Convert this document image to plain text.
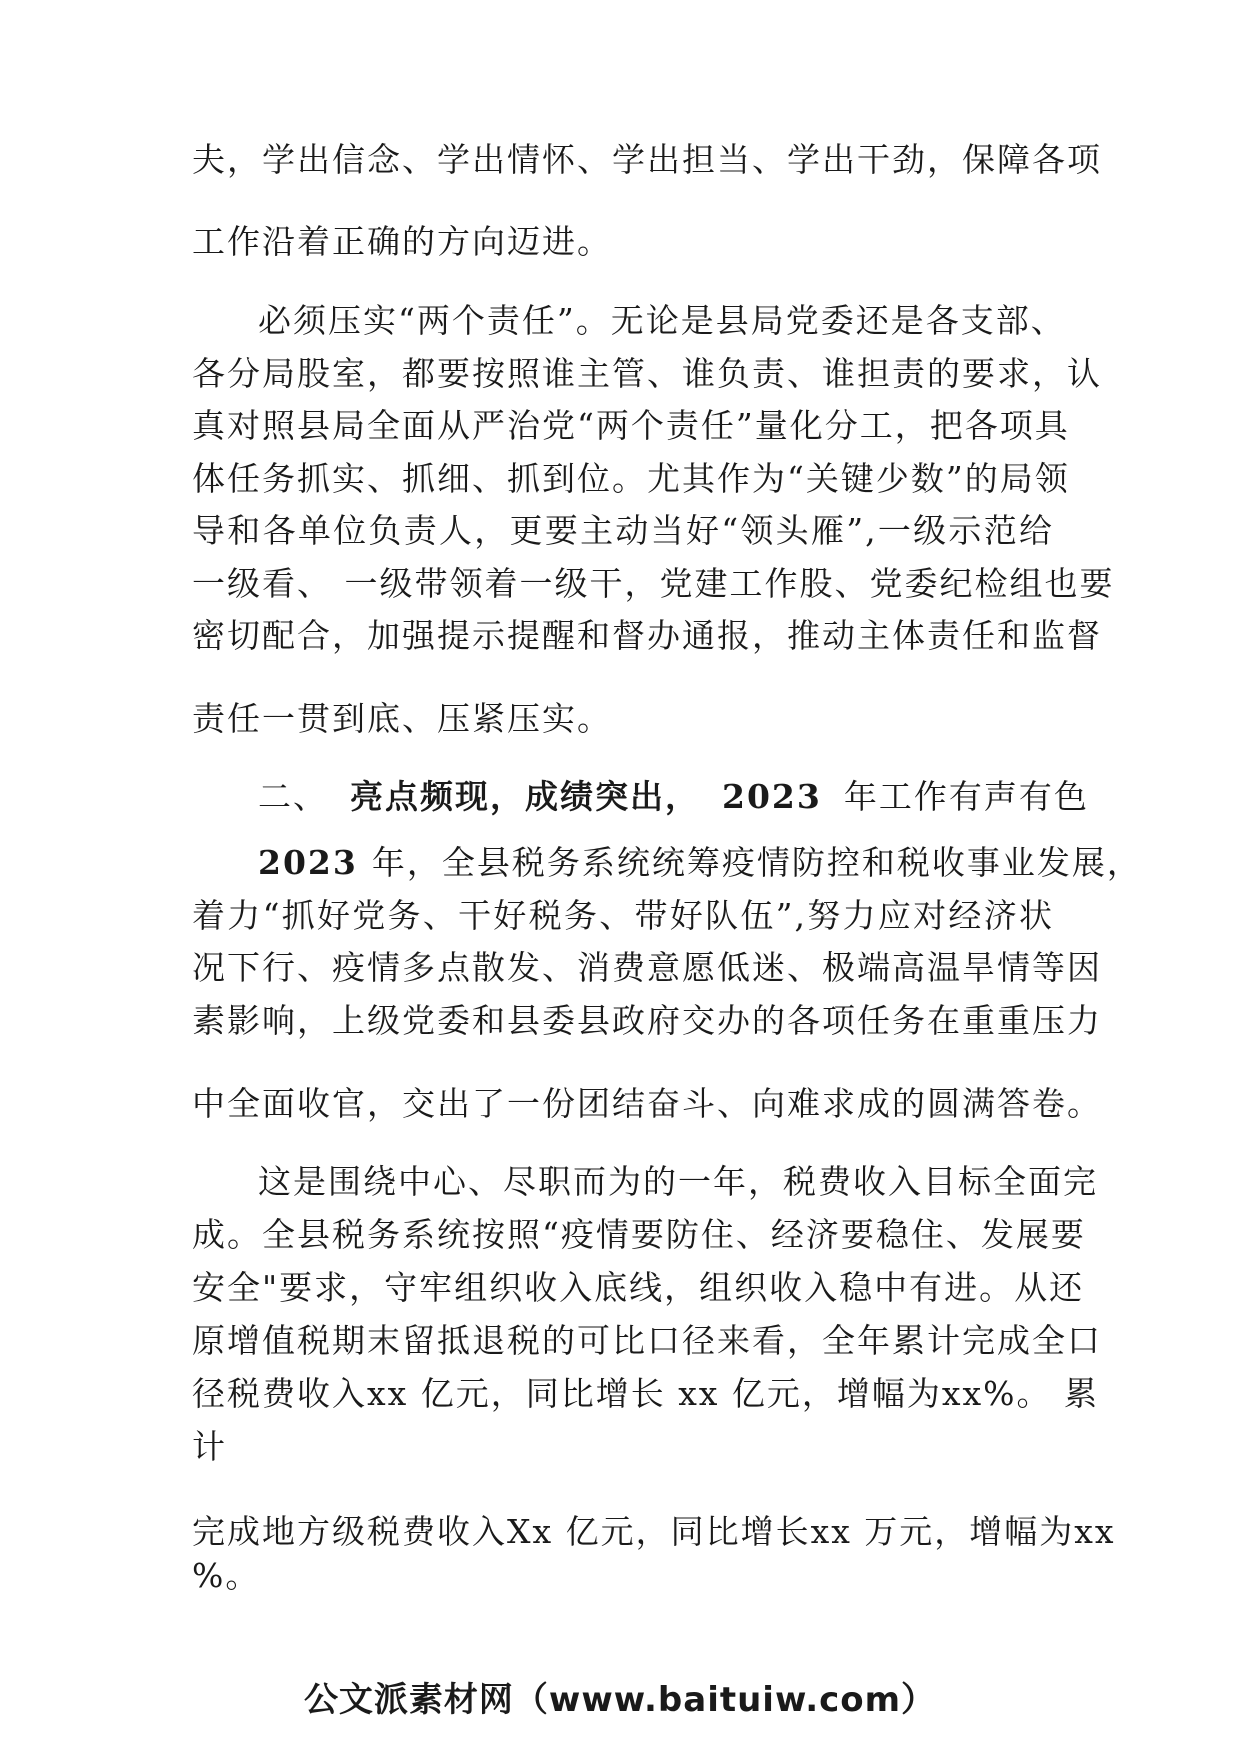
夫，学出信念、学出情怀、学出担当、学出干劲，保障各项
工作沿着正确的方向迈进。
必须压实“两个责任”。无论是县局党委还是各支部、
各分局股室，都要按照谁主管、谁负责、谁担责的要求，认
真对照县局全面从严治党“两个责任”量化分工，把各项具
体任务抓实、抓细、抓到位。尤其作为“关键少数”的局领
导和各单位负责人，更要主动当好“领头雁”,一级示范给
一级看、 一级带领着一级干，党建工作股、党委纪检组也要
密切配合，加强提示提醒和督办通报，推动主体责任和监督
责任一贯到底、压紧压实。
二、 亮点频现，成绩突出， 2023 年工作有声有色
2023 年，全县税务系统统筹疫情防控和税收事业发展，
着力“抓好党务、干好税务、带好队伍”,努力应对经济状
况下行、疫情多点散发、消费意愿低迷、极端高温旱情等因
素影响，上级党委和县委县政府交办的各项任务在重重压力
中全面收官，交出了一份团结奋斗、向难求成的圆满答卷。
这是围绕中心、尽职而为的一年，税费收入目标全面完
成。全县税务系统按照“疫情要防住、经济要稳住、发展要
安全"要求，守牢组织收入底线，组织收入稳中有进。从还
原增值税期末留抵退税的可比口径来看，全年累计完成全口
径税费收入xx 亿元，同比增长 xx 亿元，增幅为xx%。 累
计
完成地方级税费收入Xx 亿元，同比增长xx 万元，增幅为xx
%。
公文派素材网（www.baituiw.com）
